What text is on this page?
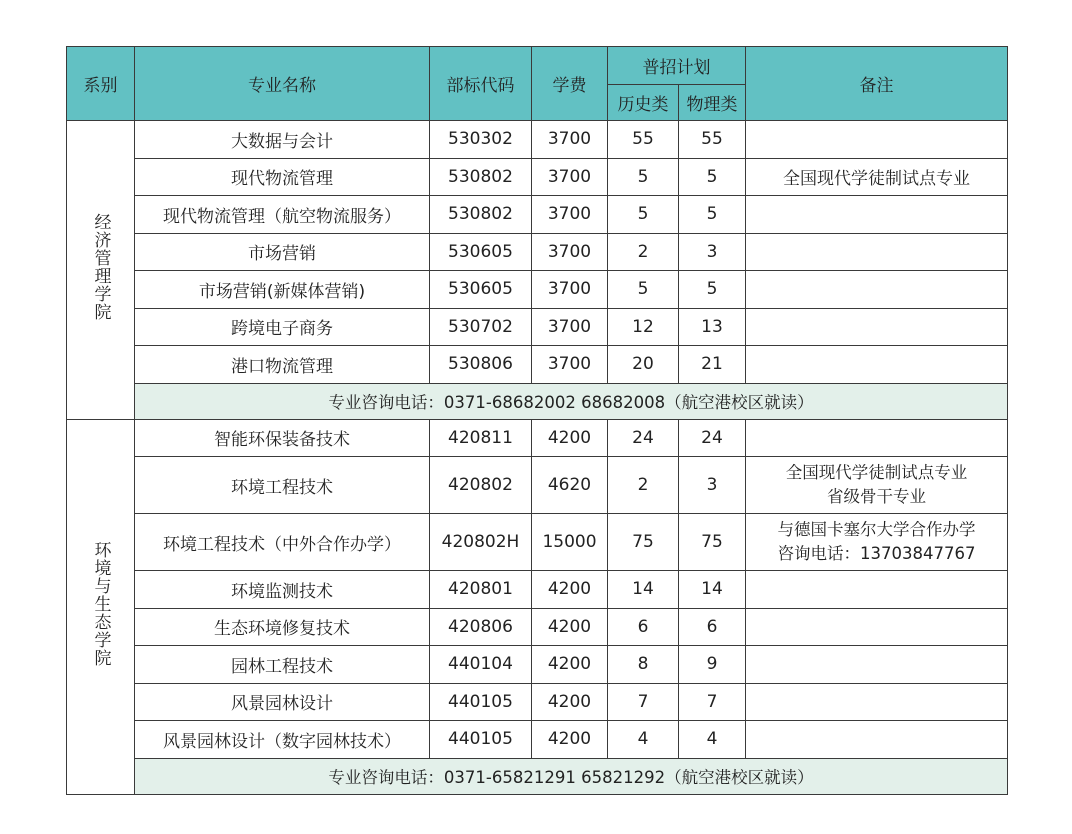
系别	专业名称	部标代码	学费	普招计划		备注
				历史类	物理类	
经济管理学院	大数据与会计	530302	3700	55	55	
	现代物流管理	530802	3700	5	5	全国现代学徒制试点专业
	现代物流管理（航空物流服务）	530802	3700	5	5	
	市场营销	530605	3700	2	3	
	市场营销(新媒体营销)	530605	3700	5	5	
	跨境电子商务	530702	3700	12	13	
	港口物流管理	530806	3700	20	21	
	专业咨询电话：0371-68682002 68682008（航空港校区就读）					
环境与生态学院	智能环保装备技术	420811	4200	24	24	
	环境工程技术	420802	4620	2	3	全国现代学徒制试点专业
省级骨干专业

	环境工程技术（中外合作办学）	420802H	15000	75	75	与德国卡塞尔大学合作办学
咨询电话：13703847767

	环境监测技术	420801	4200	14	14	
	生态环境修复技术	420806	4200	6	6	
	园林工程技术	440104	4200	8	9	
	风景园林设计	440105	4200	7	7	
	风景园林设计（数字园林技术）	440105	4200	4	4	
	专业咨询电话：0371-65821291 65821292（航空港校区就读）					
